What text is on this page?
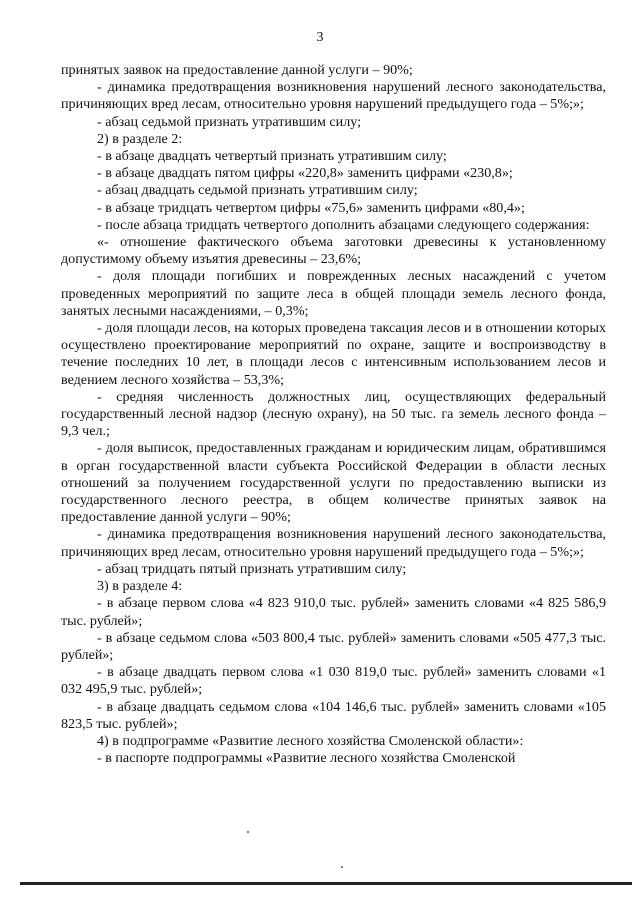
3

принятых заявок на предоставление данной услуги – 90%;

- динамика предотвращения возникновения нарушений лесного законодательства, причиняющих вред лесам, относительно уровня нарушений предыдущего года – 5%;»;

- абзац седьмой признать утратившим силу;

2) в разделе 2:

- в абзаце двадцать четвертый признать утратившим силу;

- в абзаце двадцать пятом цифры «220,8» заменить цифрами «230,8»;

- абзац двадцать седьмой признать утратившим силу;

- в абзаце тридцать четвертом цифры «75,6» заменить цифрами «80,4»;

- после абзаца тридцать четвертого дополнить абзацами следующего содержания:

«- отношение фактического объема заготовки древесины к установленному допустимому объему изъятия древесины – 23,6%;

- доля площади погибших и поврежденных лесных насаждений с учетом проведенных мероприятий по защите леса в общей площади земель лесного фонда, занятых лесными насаждениями, – 0,3%;

- доля площади лесов, на которых проведена таксация лесов и в отношении которых осуществлено проектирование мероприятий по охране, защите и воспроизводству в течение последних 10 лет, в площади лесов с интенсивным использованием лесов и ведением лесного хозяйства – 53,3%;

- средняя численность должностных лиц, осуществляющих федеральный государственный лесной надзор (лесную охрану), на 50 тыс. га земель лесного фонда – 9,3 чел.;

- доля выписок, предоставленных гражданам и юридическим лицам, обратившимся в орган государственной власти субъекта Российской Федерации в области лесных отношений за получением государственной услуги по предоставлению выписки из государственного лесного реестра, в общем количестве принятых заявок на предоставление данной услуги – 90%;

- динамика предотвращения возникновения нарушений лесного законодательства, причиняющих вред лесам, относительно уровня нарушений предыдущего года – 5%;»;

- абзац тридцать пятый признать утратившим силу;

3) в разделе 4:

- в абзаце первом слова «4 823 910,0 тыс. рублей» заменить словами «4 825 586,9 тыс. рублей»;

- в абзаце седьмом слова «503 800,4 тыс. рублей» заменить словами «505 477,3 тыс. рублей»;

- в абзаце двадцать первом слова «1 030 819,0 тыс. рублей» заменить словами «1 032 495,9 тыс. рублей»;

- в абзаце двадцать седьмом слова «104 146,6 тыс. рублей» заменить словами «105 823,5 тыс. рублей»;

4) в подпрограмме «Развитие лесного хозяйства Смоленской области»:

- в паспорте подпрограммы «Развитие лесного хозяйства Смоленской
